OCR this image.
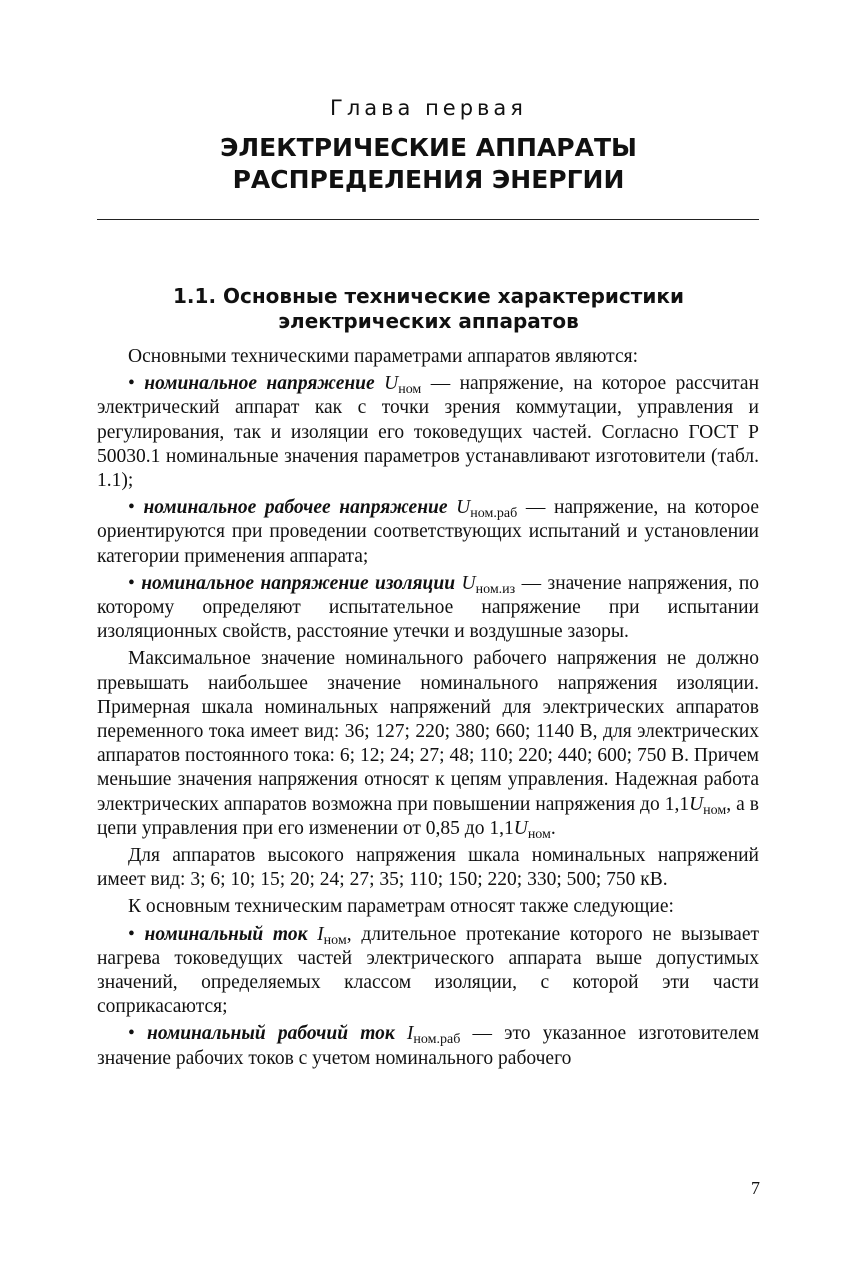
Глава первая
ЭЛЕКТРИЧЕСКИЕ АППАРАТЫ
РАСПРЕДЕЛЕНИЯ ЭНЕРГИИ
1.1. Основные технические характеристики
электрических аппаратов

Основными техническими параметрами аппаратов являются:

• номинальное напряжение $U_{ном}$ — напряжение, на которое рассчитан электрический аппарат как с точки зрения коммутации, управления и регулирования, так и изоляции его токоведущих частей. Согласно ГОСТ Р 50030.1 номинальные значения параметров устанавливают изготовители (табл. 1.1);

• номинальное рабочее напряжение $U_{ном.раб}$ — напряжение, на которое ориентируются при проведении соответствующих испытаний и установлении категории применения аппарата;

• номинальное напряжение изоляции $U_{ном.из}$ — значение напряжения, по которому определяют испытательное напряжение при испытании изоляционных свойств, расстояние утечки и воздушные зазоры.

Максимальное значение номинального рабочего напряжения не должно превышать наибольшее значение номинального напряжения изоляции. Примерная шкала номинальных напряжений для электрических аппаратов переменного тока имеет вид: 36; 127; 220; 380; 660; 1140 В, для электрических аппаратов постоянного тока: 6; 12; 24; 27; 48; 110; 220; 440; 600; 750 В. Причем меньшие значения напряжения относят к цепям управления. Надежная работа электрических аппаратов возможна при повышении напряжения до $1,1U_{ном}$, а в цепи управления при его изменении от 0,85 до $1,1U_{ном}$.

Для аппаратов высокого напряжения шкала номинальных напряжений имеет вид: 3; 6; 10; 15; 20; 24; 27; 35; 110; 150; 220; 330; 500; 750 кВ.

К основным техническим параметрам относят также следующие:

• номинальный ток $I_{ном}$, длительное протекание которого не вызывает нагрева токоведущих частей электрического аппарата выше допустимых значений, определяемых классом изоляции, с которой эти части соприкасаются;

• номинальный рабочий ток $I_{ном.раб}$ — это указанное изготовителем значение рабочих токов с учетом номинального рабочего

7
